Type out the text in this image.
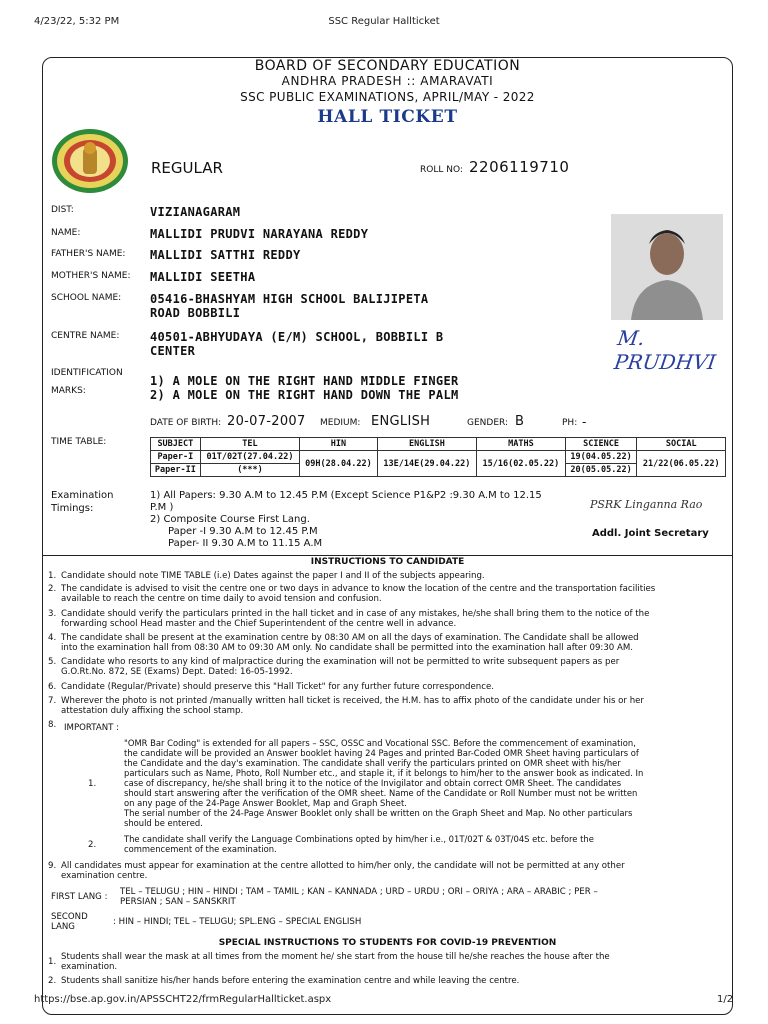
4/23/22, 5:32 PM	SSC Regular Hallticket
https://bse.ap.gov.in/APSSCHT22/frmRegularHallticket.aspx	1/2
BOARD OF SECONDARY EDUCATION
ANDHRA PRADESH :: AMARAVATI
SSC PUBLIC EXAMINATIONS, APRIL/MAY - 2022
HALL TICKET
REGULAR	ROLL NO: 2206119710
DIST:	VIZIANAGARAM
NAME:	MALLIDI PRUDVI NARAYANA REDDY
FATHER'S NAME: MALLIDI SATTHI REDDY
MOTHER'S NAME: MALLIDI SEETHA
SCHOOL NAME: 05416-BHASHYAM HIGH SCHOOL BALIJIPETA
ROAD BOBBILI
CENTRE NAME:	40501-ABHYUDAYA (E/M) SCHOOL, BOBBILI B
CENTER
IDENTIFICATION
MARKS:
1) A MOLE ON THE RIGHT HAND MIDDLE FINGER
2) A MOLE ON THE RIGHT HAND DOWN THE PALM
M. PRUDHVI
DATE OF BIRTH: 20-07-2007 MEDIUM: ENGLISH	GENDER: B	PH: -
TIME TABLE:	SUBJECT	TEL	HIN	ENGLISH	MATHS	SCIENCE	SOCIAL
Paper-I	01T/02T(27.04.22)	09H(28.04.22)	13E/14E(29.04.22)	15/16(02.05.22)	19(04.05.22)	21/22(06.05.22)
Paper-II	(***)				20(05.05.22)	
Examination
Timings:
1) All Papers: 9.30 A.M to 12.45 P.M (Except Science P1&P2 :9.30 A.M to 12.15
P.M )
2) Composite Course First Lang.
Paper -I 9.30 A.M to 12.45 P.M
Paper- II 9.30 A.M to 11.15 A.M
PSRK Linganna Rao
Addl. Joint Secretary
INSTRUCTIONS TO CANDIDATE
1. Candidate should note TIME TABLE (i.e) Dates against the paper I and II of the subjects appearing.
2. The candidate is advised to visit the centre one or two days in advance to know the location of the centre and the transportation facilities
available to reach the centre on time daily to avoid tension and confusion.
3. Candidate should verify the particulars printed in the hall ticket and in case of any mistakes, he/she shall bring them to the notice of the
forwarding school Head master and the Chief Superintendent of the centre well in advance.
4. The candidate shall be present at the examination centre by 08:30 AM on all the days of examination. The Candidate shall be allowed
into the examination hall from 08:30 AM to 09:30 AM only. No candidate shall be permitted into the examination hall after 09:30 AM.
5. Candidate who resorts to any kind of malpractice during the examination will not be permitted to write subsequent papers as per
G.O.Rt.No. 872, SE (Exams) Dept. Dated: 16-05-1992.
6. Candidate (Regular/Private) should preserve this "Hall Ticket" for any further future correspondence.
7. Wherever the photo is not printed /manually written hall ticket is received, the H.M. has to affix photo of the candidate under his or her
attestation duly affixing the school stamp.
8. IMPORTANT :
1.
"OMR Bar Coding" is extended for all papers – SSC, OSSC and Vocational SSC. Before the commencement of examination,
the candidate will be provided an Answer booklet having 24 Pages and printed Bar-Coded OMR Sheet having particulars of
the Candidate and the day's examination. The candidate shall verify the particulars printed on OMR sheet with his/her
particulars such as Name, Photo, Roll Number etc., and staple it, if it belongs to him/her to the answer book as indicated. In
case of discrepancy, he/she shall bring it to the notice of the Invigilator and obtain correct OMR Sheet. The candidates
should start answering after the verification of the OMR sheet. Name of the Candidate or Roll Number must not be written
on any page of the 24-Page Answer Booklet, Map and Graph Sheet.
The serial number of the 24-Page Answer Booklet only shall be written on the Graph Sheet and Map. No other particulars
should be entered.
2.
The candidate shall verify the Language Combinations opted by him/her i.e., 01T/02T & 03T/04S etc. before the
commencement of the examination.
9. All candidates must appear for examination at the centre allotted to him/her only, the candidate will not be permitted at any other
examination centre.
FIRST LANG : TEL – TELUGU ; HIN – HINDI ; TAM – TAMIL ; KAN – KANNADA ; URD – URDU ; ORI – ORIYA ; ARA – ARABIC ; PER –
PERSIAN ; SAN – SANSKRIT
SECOND
LANG	: HIN – HINDI; TEL – TELUGU; SPL.ENG – SPECIAL ENGLISH
SPECIAL INSTRUCTIONS TO STUDENTS FOR COVID-19 PREVENTION
1. Students shall wear the mask at all times from the moment he/ she start from the house till he/she reaches the house after the
examination.
2. Students shall sanitize his/her hands before entering the examination centre and while leaving the centre.
